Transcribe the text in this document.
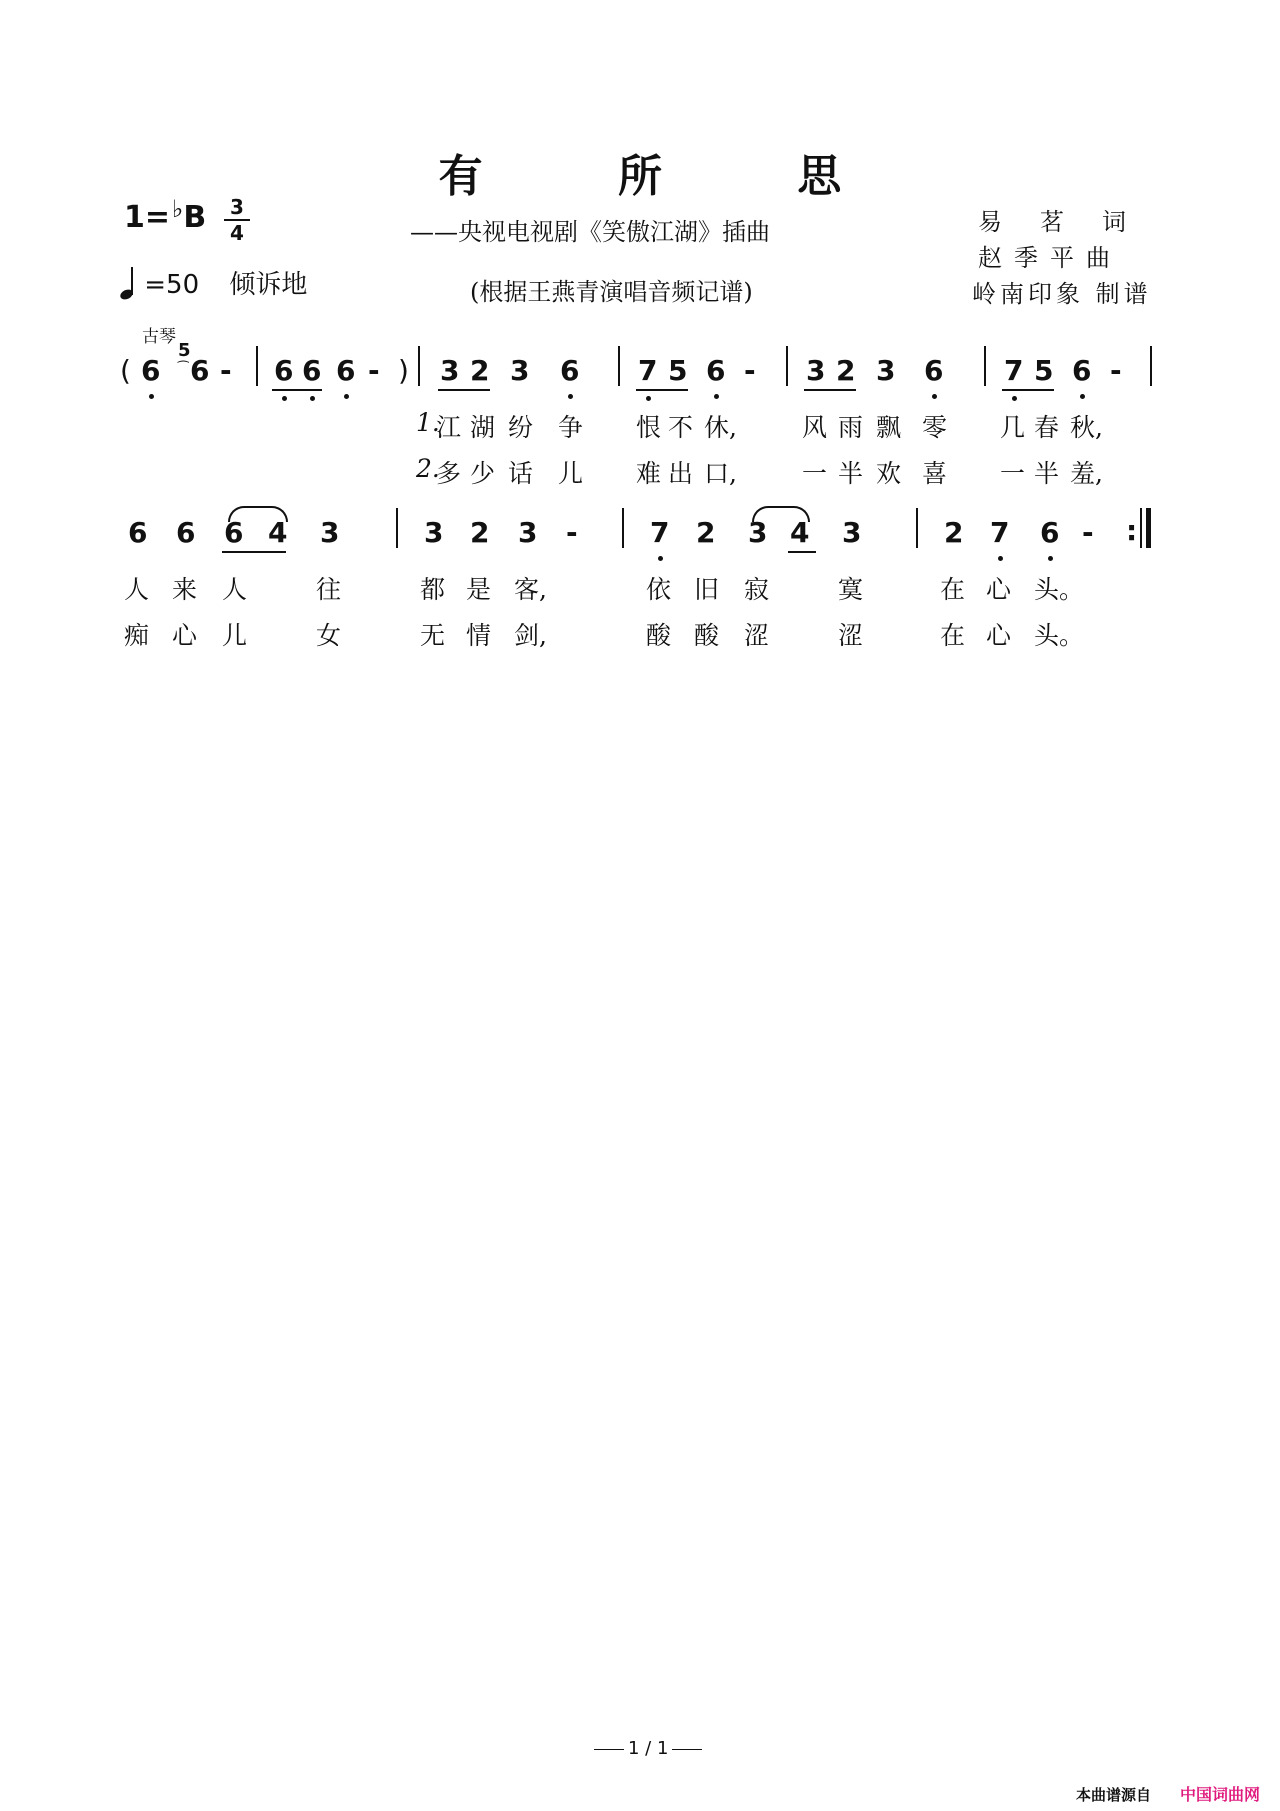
有 所 思
1=♭B	3
4
=50 倾诉地
——央视电视剧《笑傲江湖》插曲
(根据王燕青演唱音频记谱)
易茗词
赵季平曲
岭南印象 制谱
古琴
( 6
5
⁀ 6 - 6 6 6 - ) 3 2 3 6 7 5 6 - 3 2 3 6 7 5 6 -
1.
江 湖 纷 争 恨 不 休,	风 雨 飘 零 几 春 秋,
2.
多 少 话 儿 难 出 口,	一 半 欢 喜 一 半 羞,
6 6 6 4 3	3 2 3 -	7 2 3 4 3	2 7 6 - :
人 来 人	往	都 是 客,	依 旧 寂	寞	在 心 头。
痴 心 儿	女	无 情 剑,	酸 酸 涩	涩	在 心 头。
1 / 1
本曲谱源自 中国词曲网
